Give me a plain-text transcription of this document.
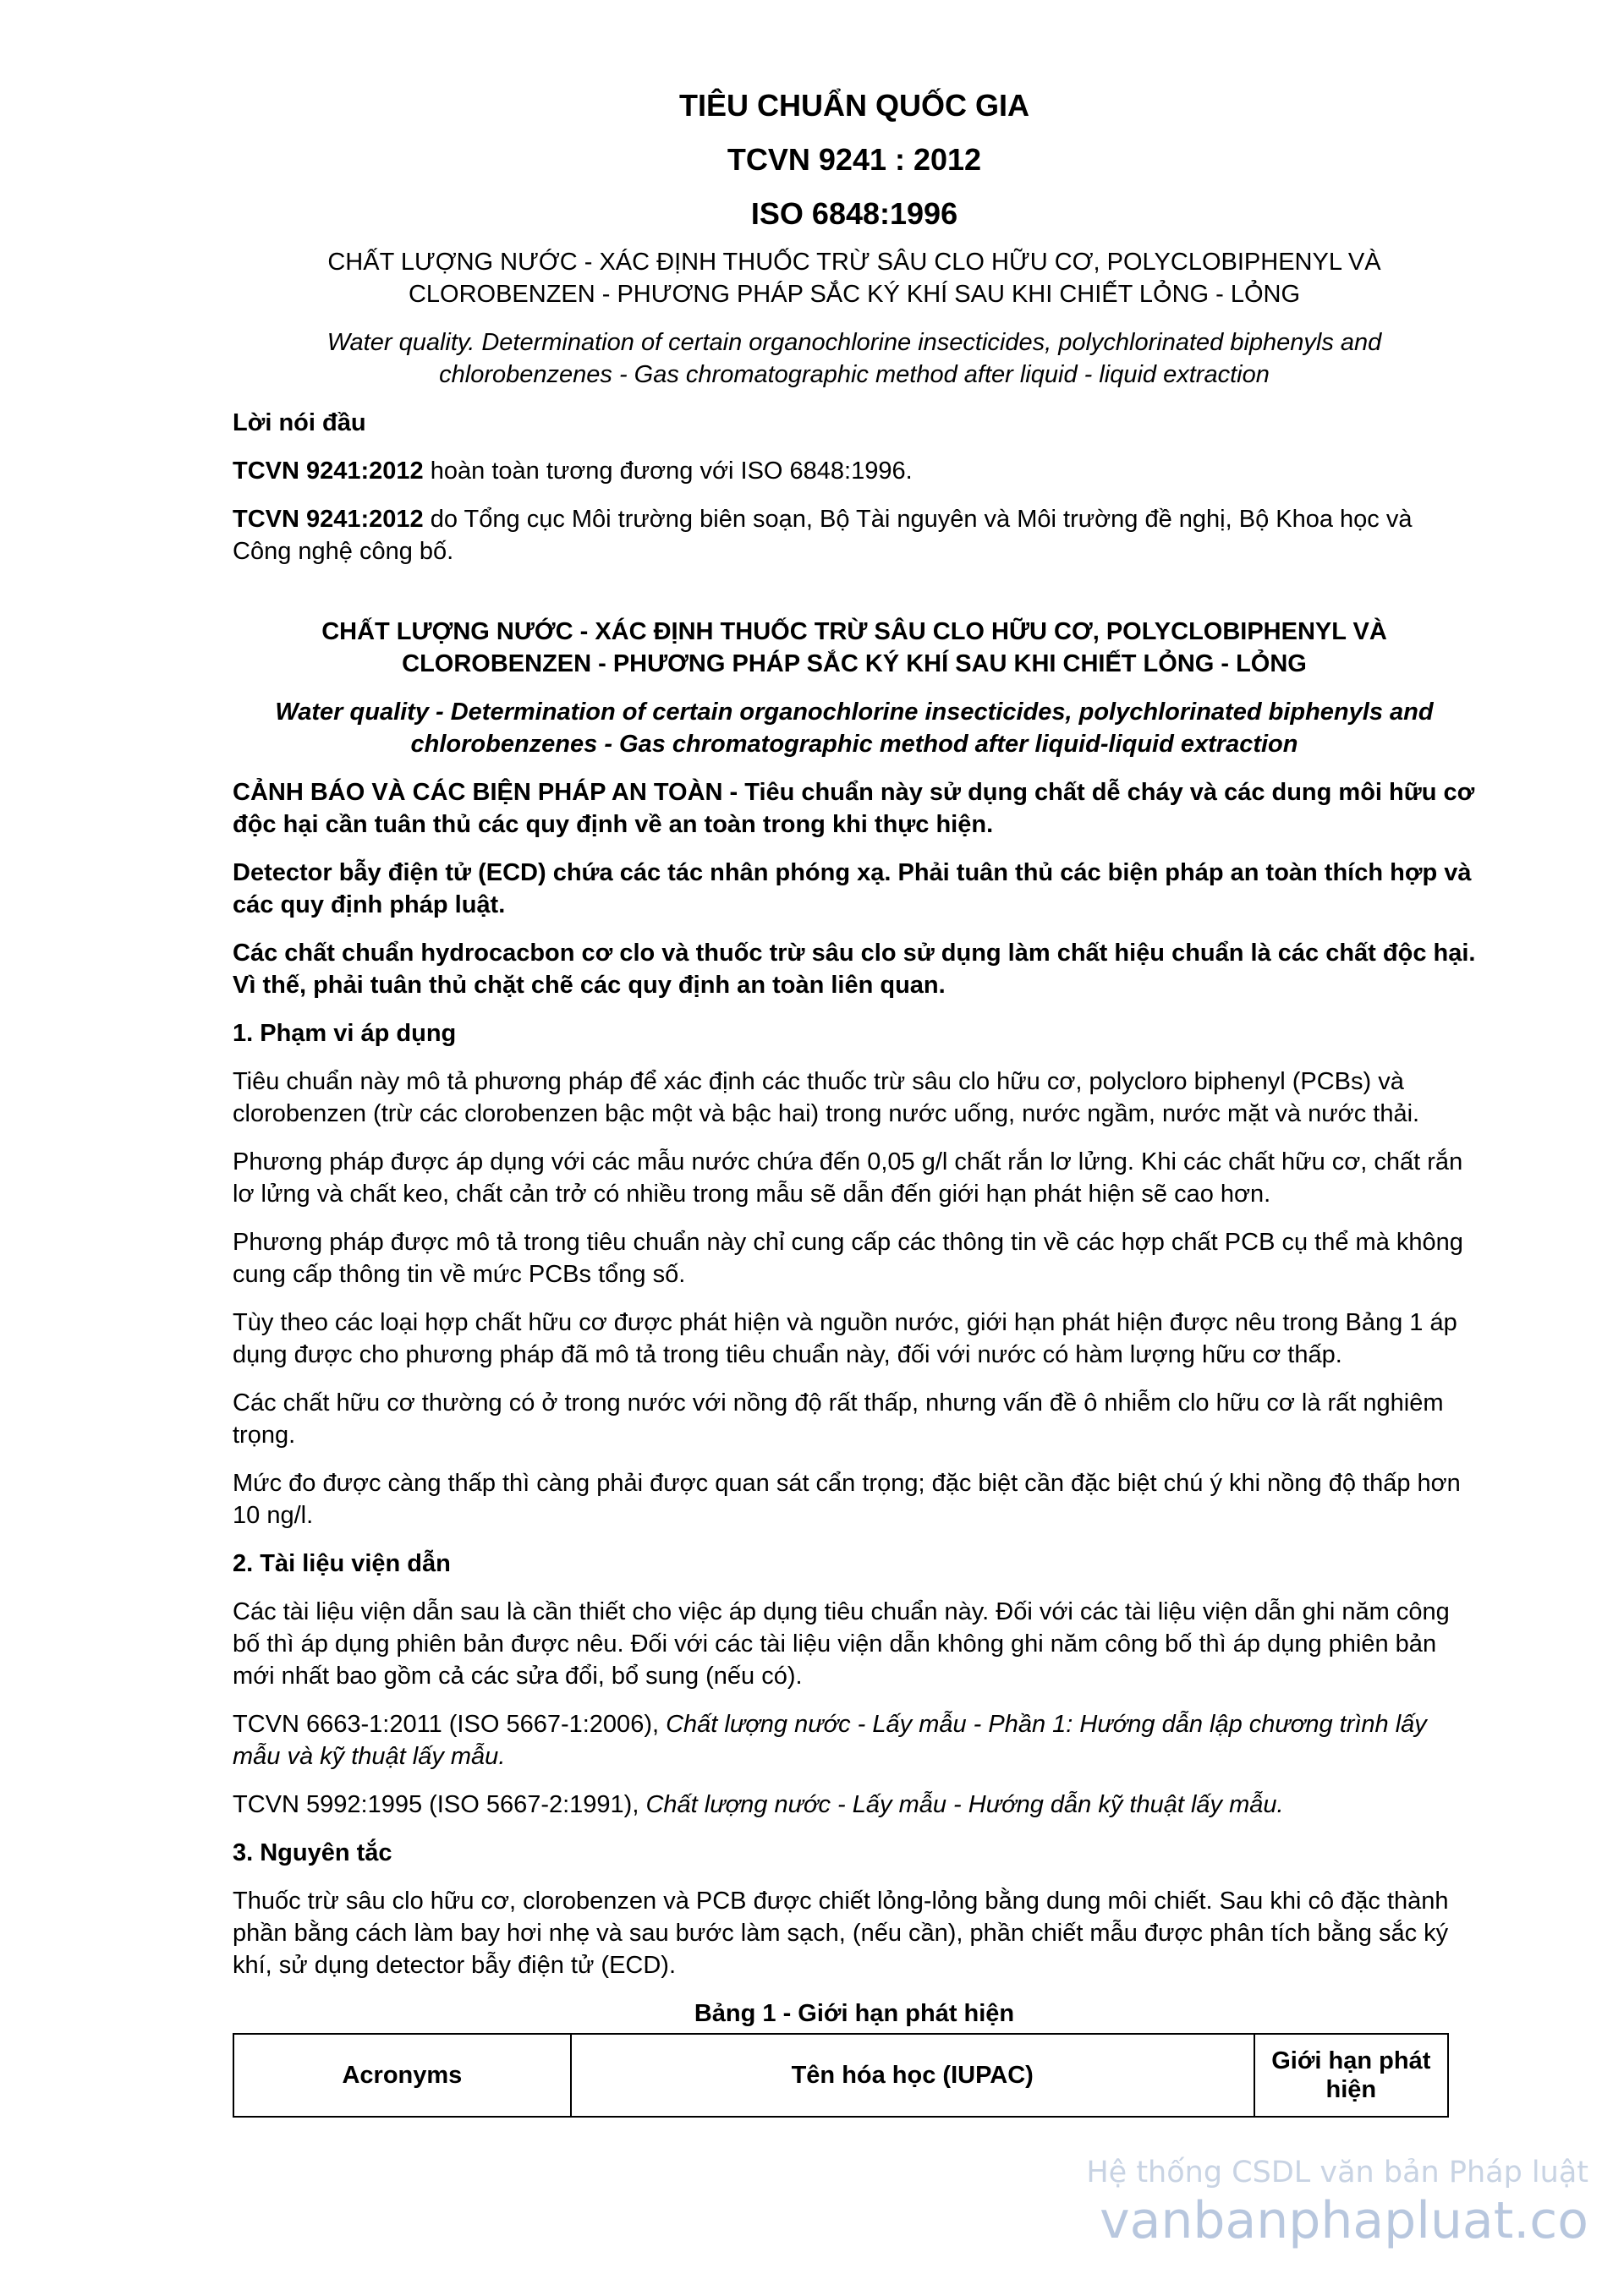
TIÊU CHUẨN QUỐC GIA
TCVN 9241 : 2012
ISO 6848:1996
CHẤT LƯỢNG NƯỚC - XÁC ĐỊNH THUỐC TRỪ SÂU CLO HỮU CƠ, POLYCLOBIPHENYL VÀ CLOROBENZEN - PHƯƠNG PHÁP SẮC KÝ KHÍ SAU KHI CHIẾT LỎNG - LỎNG
Water quality. Determination of certain organochlorine insecticides, polychlorinated biphenyls and chlorobenzenes - Gas chromatographic method after liquid - liquid extraction
Lời nói đầu
TCVN 9241:2012 hoàn toàn tương đương với ISO 6848:1996.
TCVN 9241:2012 do Tổng cục Môi trường biên soạn, Bộ Tài nguyên và Môi trường đề nghị, Bộ Khoa học và Công nghệ công bố.
CHẤT LƯỢNG NƯỚC - XÁC ĐỊNH THUỐC TRỪ SÂU CLO HỮU CƠ, POLYCLOBIPHENYL VÀ CLOROBENZEN - PHƯƠNG PHÁP SẮC KÝ KHÍ SAU KHI CHIẾT LỎNG - LỎNG
Water quality - Determination of certain organochlorine insecticides, polychlorinated biphenyls and chlorobenzenes - Gas chromatographic method after liquid-liquid extraction
CẢNH BÁO VÀ CÁC BIỆN PHÁP AN TOÀN - Tiêu chuẩn này sử dụng chất dễ cháy và các dung môi hữu cơ độc hại cần tuân thủ các quy định về an toàn trong khi thực hiện.
Detector bẫy điện tử (ECD) chứa các tác nhân phóng xạ. Phải tuân thủ các biện pháp an toàn thích hợp và các quy định pháp luật.
Các chất chuẩn hydrocacbon cơ clo và thuốc trừ sâu clo sử dụng làm chất hiệu chuẩn là các chất độc hại. Vì thế, phải tuân thủ chặt chẽ các quy định an toàn liên quan.
1. Phạm vi áp dụng
Tiêu chuẩn này mô tả phương pháp để xác định các thuốc trừ sâu clo hữu cơ, polycloro biphenyl (PCBs) và clorobenzen (trừ các clorobenzen bậc một và bậc hai) trong nước uống, nước ngầm, nước mặt và nước thải.
Phương pháp được áp dụng với các mẫu nước chứa đến 0,05 g/l chất rắn lơ lửng. Khi các chất hữu cơ, chất rắn lơ lửng và chất keo, chất cản trở có nhiều trong mẫu sẽ dẫn đến giới hạn phát hiện sẽ cao hơn.
Phương pháp được mô tả trong tiêu chuẩn này chỉ cung cấp các thông tin về các hợp chất PCB cụ thể mà không cung cấp thông tin về mức PCBs tổng số.
Tùy theo các loại hợp chất hữu cơ được phát hiện và nguồn nước, giới hạn phát hiện được nêu trong Bảng 1 áp dụng được cho phương pháp đã mô tả trong tiêu chuẩn này, đối với nước có hàm lượng hữu cơ thấp.
Các chất hữu cơ thường có ở trong nước với nồng độ rất thấp, nhưng vấn đề ô nhiễm clo hữu cơ là rất nghiêm trọng.
Mức đo được càng thấp thì càng phải được quan sát cẩn trọng; đặc biệt cần đặc biệt chú ý khi nồng độ thấp hơn 10 ng/l.
2. Tài liệu viện dẫn
Các tài liệu viện dẫn sau là cần thiết cho việc áp dụng tiêu chuẩn này. Đối với các tài liệu viện dẫn ghi năm công bố thì áp dụng phiên bản được nêu. Đối với các tài liệu viện dẫn không ghi năm công bố thì áp dụng phiên bản mới nhất bao gồm cả các sửa đổi, bổ sung (nếu có).
TCVN 6663-1:2011 (ISO 5667-1:2006), Chất lượng nước - Lấy mẫu - Phần 1: Hướng dẫn lập chương trình lấy mẫu và kỹ thuật lấy mẫu.
TCVN 5992:1995 (ISO 5667-2:1991), Chất lượng nước - Lấy mẫu - Hướng dẫn kỹ thuật lấy mẫu.
3. Nguyên tắc
Thuốc trừ sâu clo hữu cơ, clorobenzen và PCB được chiết lỏng-lỏng bằng dung môi chiết. Sau khi cô đặc thành phần bằng cách làm bay hơi nhẹ và sau bước làm sạch, (nếu cần), phần chiết mẫu được phân tích bằng sắc ký khí, sử dụng detector bẫy điện tử (ECD).
Bảng 1 - Giới hạn phát hiện
Acronyms	Tên hóa học (IUPAC)	Giới hạn phát hiện
Hệ thống CSDL văn bản Pháp luật
vanbanphapluat.co
